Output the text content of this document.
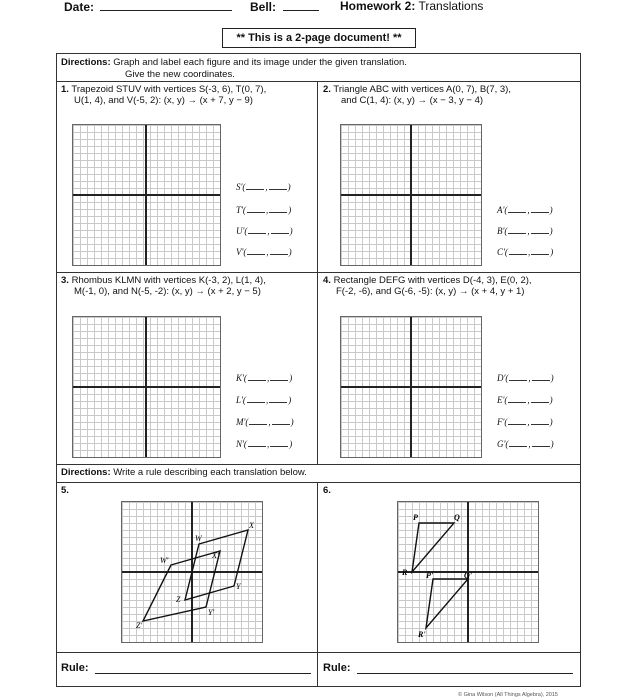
Date:	Bell:	Homework 2: Translations
** This is a 2-page document! **
Directions: Graph and label each figure and its image under the given translation.
Give the new coordinates.
1. Trapezoid STUV with vertices S(-3, 6), T(0, 7),
U(1, 4), and V(-5, 2): (x, y) → (x + 7, y − 9)
S'( , )
T'( , )
U'( , )
V'( , )
2. Triangle ABC with vertices A(0, 7), B(7, 3),
and C(1, 4): (x, y) → (x − 3, y − 4)
A'( , )
B'( , )
C'( , )
3. Rhombus KLMN with vertices K(-3, 2), L(1, 4),
M(-1, 0), and N(-5, -2): (x, y) → (x + 2, y − 5)
K'( , )
L'( , )
M'( , )
N'( , )
4. Rectangle DEFG with vertices D(-4, 3), E(0, 2),
F(-2, -6), and G(-6, -5): (x, y) → (x + 4, y + 1)
D'( , )
E'( , )
F'( , )
G'( , )
Directions: Write a rule describing each translation below.
5.	6.
W
X'
W'
X
Z
Y
Z'
Y'
P	Q
R P'	Q'
R'
Rule:	Rule:
© Gina Wilson (All Things Algebra), 2015
